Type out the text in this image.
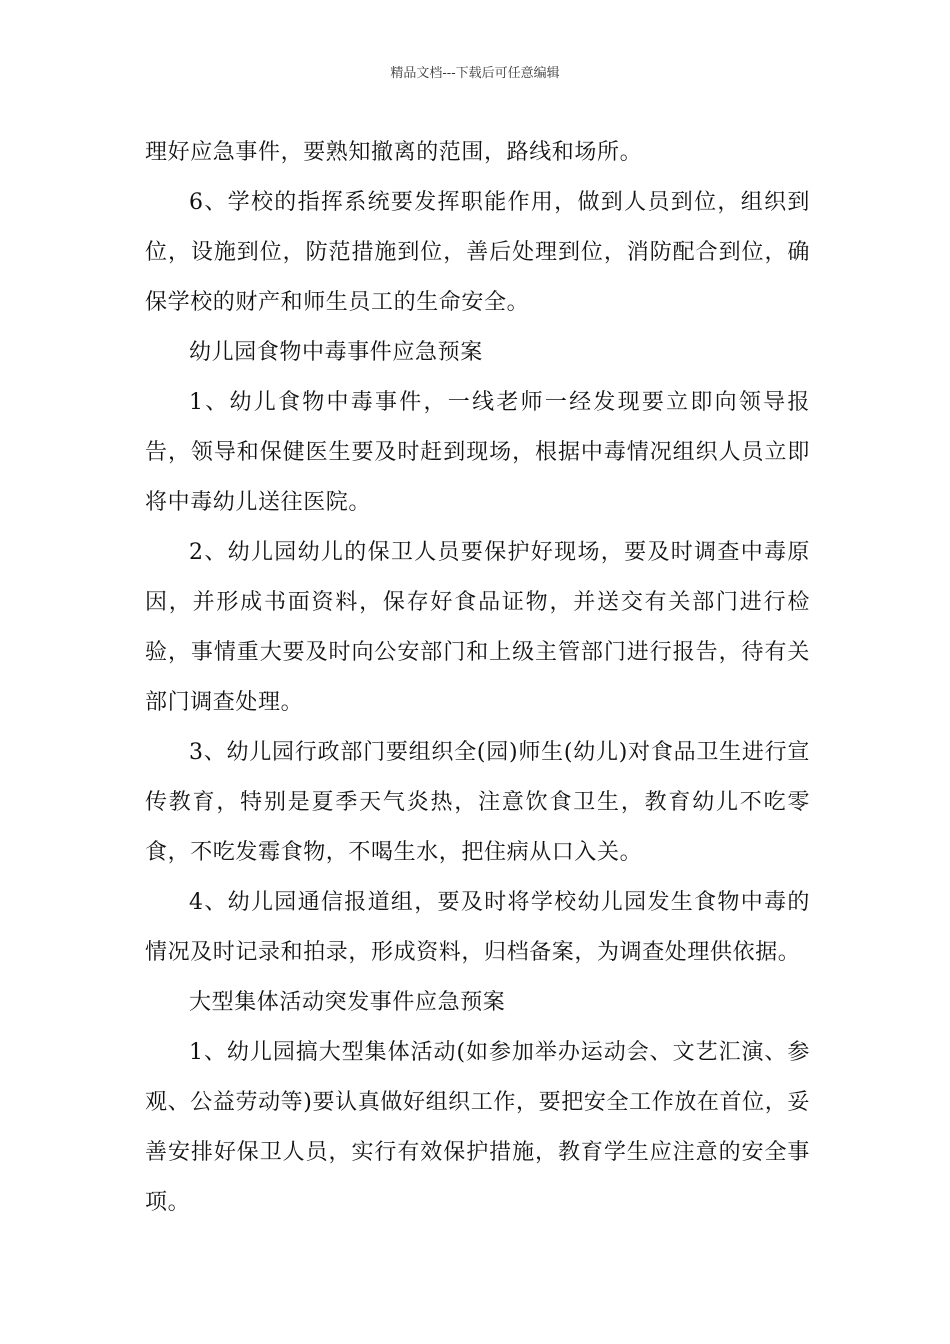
精品文档---下载后可任意编辑

理好应急事件，要熟知撤离的范围，路线和场所。

6、学校的指挥系统要发挥职能作用，做到人员到位，组织到位，设施到位，防范措施到位，善后处理到位，消防配合到位，确保学校的财产和师生员工的生命安全。

幼儿园食物中毒事件应急预案

1、幼儿食物中毒事件，一线老师一经发现要立即向领导报告，领导和保健医生要及时赶到现场，根据中毒情况组织人员立即将中毒幼儿送往医院。

2、幼儿园幼儿的保卫人员要保护好现场，要及时调查中毒原因，并形成书面资料，保存好食品证物，并送交有关部门进行检验，事情重大要及时向公安部门和上级主管部门进行报告，待有关部门调查处理。

3、幼儿园行政部门要组织全(园)师生(幼儿)对食品卫生进行宣传教育，特别是夏季天气炎热，注意饮食卫生，教育幼儿不吃零食，不吃发霉食物，不喝生水，把住病从口入关。

4、幼儿园通信报道组，要及时将学校幼儿园发生食物中毒的情况及时记录和拍录，形成资料，归档备案，为调查处理供依据。

大型集体活动突发事件应急预案

1、幼儿园搞大型集体活动(如参加举办运动会、文艺汇演、参观、公益劳动等)要认真做好组织工作，要把安全工作放在首位，妥善安排好保卫人员，实行有效保护措施，教育学生应注意的安全事项。
